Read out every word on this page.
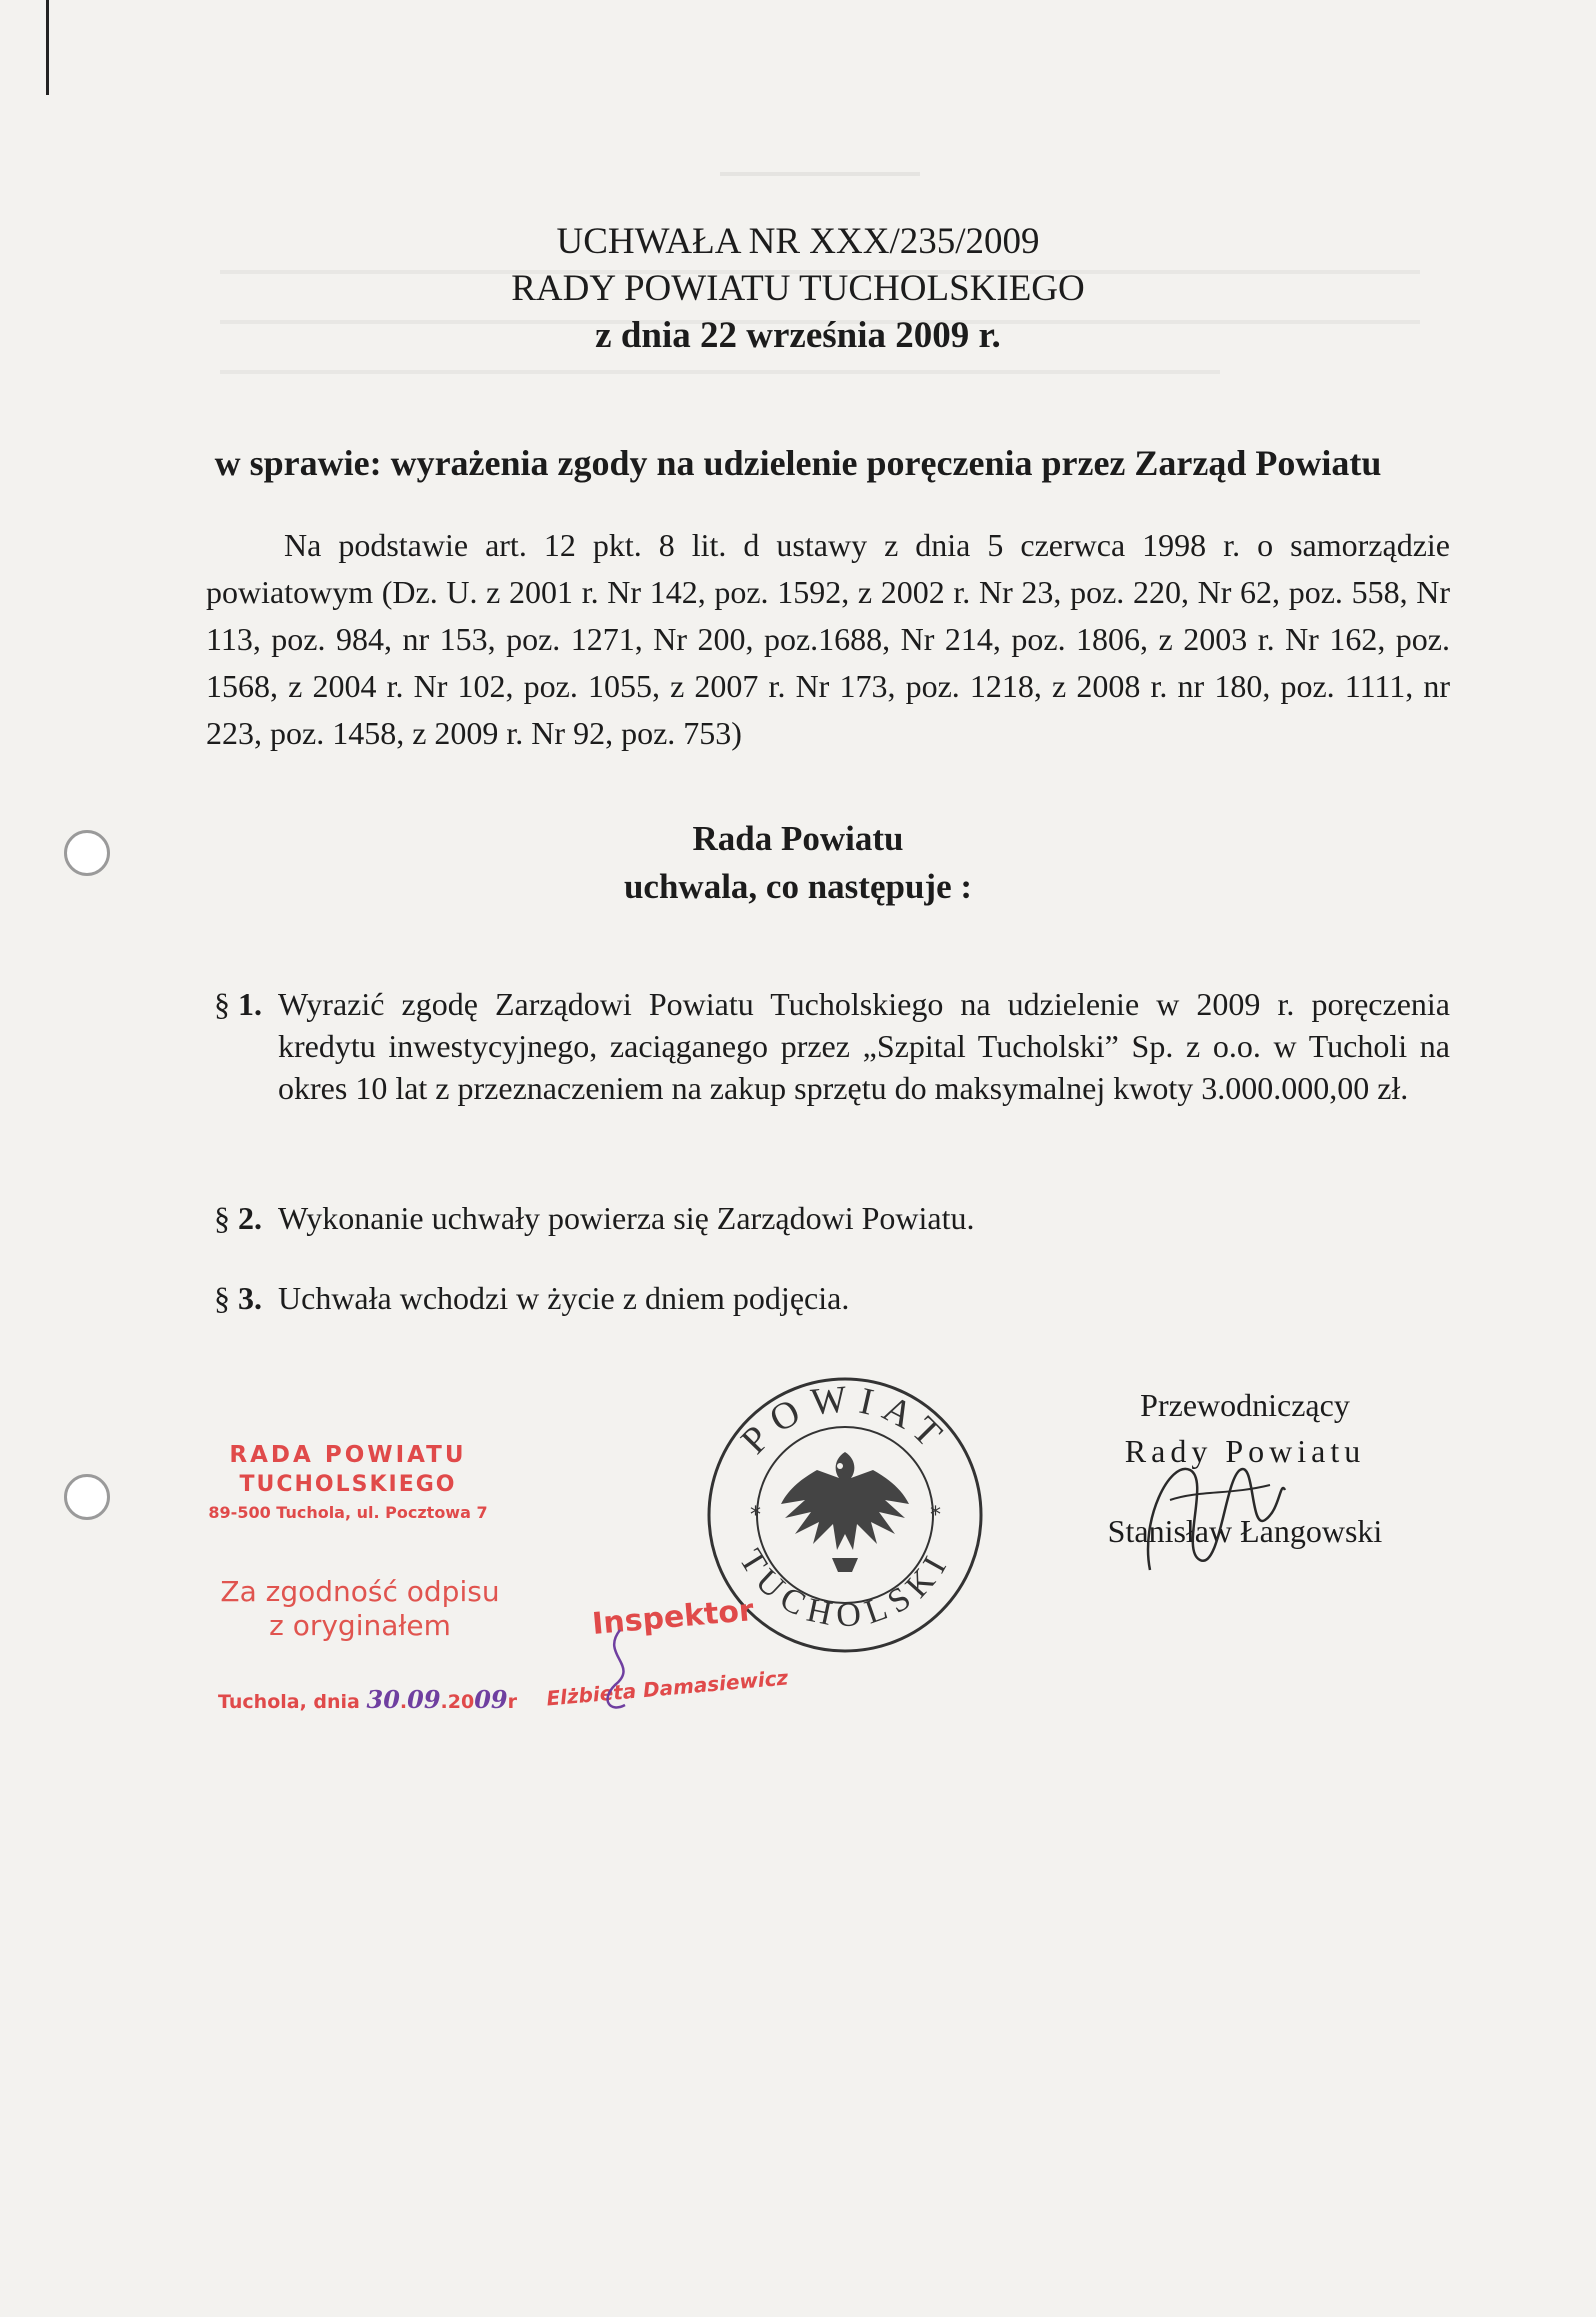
UCHWAŁA NR XXX/235/2009
RADY POWIATU TUCHOLSKIEGO
z dnia 22 września 2009 r.
w sprawie: wyrażenia zgody na udzielenie poręczenia przez Zarząd Powiatu
Na podstawie art. 12 pkt. 8 lit. d ustawy z dnia 5 czerwca 1998 r. o samorządzie powiatowym (Dz. U. z 2001 r. Nr 142, poz. 1592, z 2002 r. Nr 23, poz. 220, Nr 62, poz. 558, Nr 113, poz. 984, nr 153, poz. 1271, Nr 200, poz.1688, Nr 214, poz. 1806, z 2003 r. Nr 162, poz. 1568, z 2004 r. Nr 102, poz. 1055, z 2007 r. Nr 173, poz. 1218, z 2008 r. nr 180, poz. 1111, nr 223, poz. 1458, z 2009 r. Nr 92, poz. 753)
Rada Powiatu
uchwala, co następuje :
§ 1. Wyrazić zgodę Zarządowi Powiatu Tucholskiego na udzielenie w 2009 r. poręczenia kredytu inwestycyjnego, zaciąganego przez „Szpital Tucholski” Sp. z o.o. w Tucholi na okres 10 lat z przeznaczeniem na zakup sprzętu do maksymalnej kwoty 3.000.000,00 zł.
§ 2. Wykonanie uchwały powierza się Zarządowi Powiatu.
§ 3. Uchwała wchodzi w życie z dniem podjęcia.
POWIAT
TUCHOLSKI
*	*
Przewodniczący
Rady Powiatu
Stanisław Łangowski
RADA POWIATU
TUCHOLSKIEGO
89-500 Tuchola, ul. Pocztowa 7
Za zgodność odpisu
z oryginałem	Inspektor
Tuchola, dnia 30.09.2009r Elżbieta Damasiewicz
